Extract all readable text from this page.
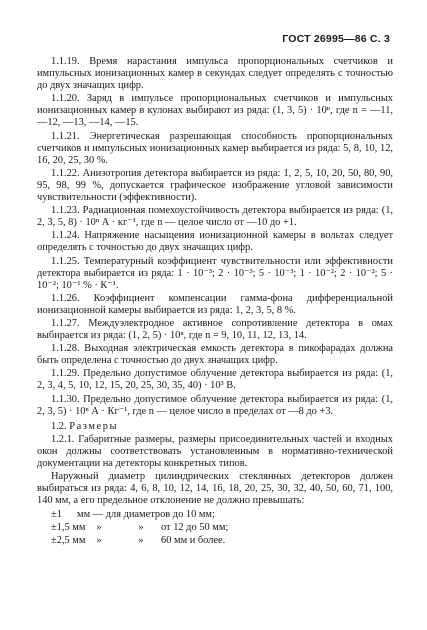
ГОСТ 26995—86 С. 3

1.1.19. Время нарастания импульса пропорциональных счетчиков и импульсных ионизационных камер в секундах следует определять с точностью до двух значащих цифр.

1.1.20. Заряд в импульсе пропорциональных счетчиков и импульсных ионизационных камер в кулонах выбирают из ряда: (1, 3, 5) · 10ⁿ, где n = —11, —12, —13, —14, —15.

1.1.21. Энергетическая разрешающая способность пропорциональных счетчиков и импульсных ионизационных камер выбирается из ряда: 5, 8, 10, 12, 16, 20, 25, 30 %.

1.1.22. Анизотропия детектора выбирается из ряда: 1, 2, 5, 10, 20, 50, 80, 90, 95, 98, 99 %, допускается графическое изображение угловой зависимости чувствительности (эффективности).

1.1.23. Радиационная помехоустойчивость детектора выбирается из ряда: (1, 2, 3, 5, 8) · 10ⁿ А · кг⁻¹, где n — целое число от —10 до +1.

1.1.24. Напряжение насыщения ионизационной камеры в вольтах следует определять с точностью до двух значащих цифр.

1.1.25. Температурный коэффициент чувствительности или эффективности детектора выбирается из ряда: 1 · 10⁻³; 2 · 10⁻³; 5 · 10⁻³; 1 · 10⁻²; 2 · 10⁻²; 5 · 10⁻²; 10⁻¹ % · К⁻¹.

1.1.26. Коэффициент компенсации гамма-фона дифференциальной ионизационной камеры выбирается из ряда: 1, 2, 3, 5, 8 %.

1.1.27. Междуэлектродное активное сопротивление детектора в омах выбирается из ряда: (1, 2, 5) · 10ⁿ, где n = 9, 10, 11, 12, 13, 14.

1.1.28. Выходная электрическая емкость детектора в пикофарадах должна быть определена с точностью до двух значащих цифр.

1.1.29. Предельно допустимое облучение детектора выбирается из ряда: (1, 2, 3, 4, 5, 10, 12, 15, 20, 25, 30, 35, 40) · 10³ В.

1.1.30. Предельно допустимое облучение детектора выбирается из ряда: (1, 2, 3, 5) · 10ⁿ А · Кг⁻¹, где n — целое число в пределах от —8 до +3.

1.2. Размеры

1.2.1. Габаритные размеры, размеры присоединительных частей и входных окон должны соответствовать установленным в нормативно-технической документации на детекторы конкретных типов.

Наружный диаметр цилиндрических стеклянных детекторов должен выбираться из ряда: 4, 6, 8, 10, 12, 14, 16, 18, 20, 25, 30, 32, 40, 50, 60, 71, 100, 140 мм, а его предельное отклонение не должно превышать:

±1	мм — для диаметров до 10 мм;
±1,5 мм	»	»	от 12 до 50 мм;
±2,5 мм	»	»	60 мм и более.
